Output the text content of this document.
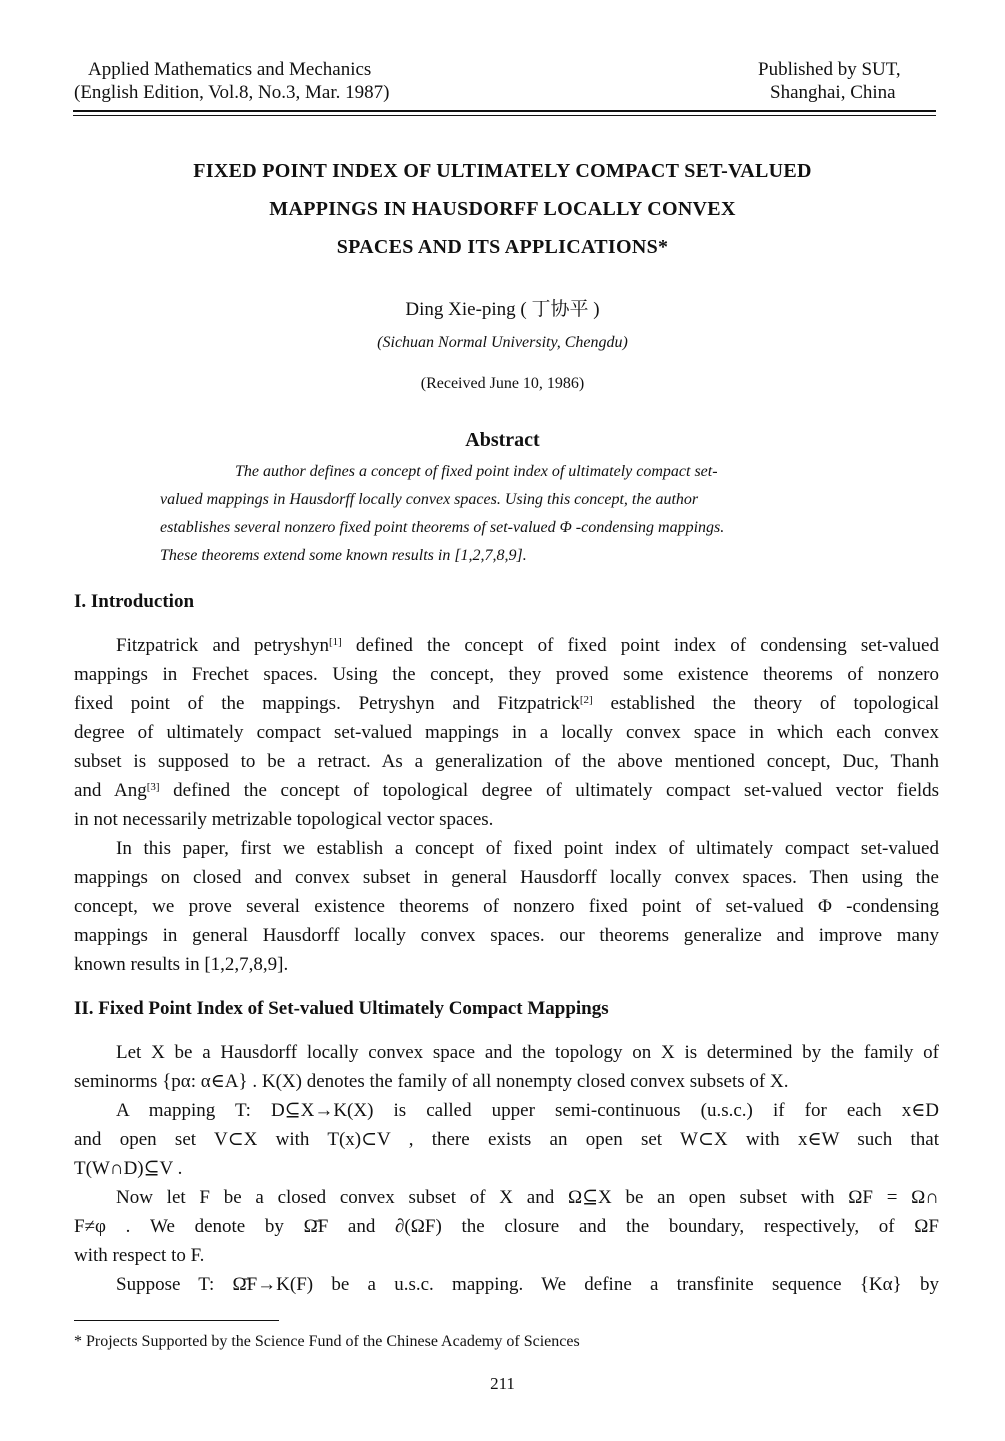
Applied Mathematics and Mechanics
(English Edition, Vol.8, No.3, Mar. 1987)
Published by SUT,
Shanghai, China
FIXED POINT INDEX OF ULTIMATELY COMPACT SET-VALUED
MAPPINGS IN HAUSDORFF LOCALLY CONVEX
SPACES AND ITS APPLICATIONS*
Ding Xie-ping ( 丁协平 )
(Sichuan Normal University, Chengdu)
(Received June 10, 1986)
Abstract
The author defines a concept of fixed point index of ultimately compact set-
valued mappings in Hausdorff locally convex spaces. Using this concept, the author
establishes several nonzero fixed point theorems of set-valued Φ -condensing mappings.
These theorems extend some known results in [1,2,7,8,9].
I. Introduction
Fitzpatrick and petryshyn[1] defined the concept of fixed point index of condensing set-valued
mappings in Frechet spaces. Using the concept, they proved some existence theorems of nonzero
fixed point of the mappings. Petryshyn and Fitzpatrick[2] established the theory of topological
degree of ultimately compact set-valued mappings in a locally convex space in which each convex
subset is supposed to be a retract. As a generalization of the above mentioned concept, Duc, Thanh
and Ang[3] defined the concept of topological degree of ultimately compact set-valued vector fields
in not necessarily metrizable topological vector spaces.
In this paper, first we establish a concept of fixed point index of ultimately compact set-valued
mappings on closed and convex subset in general Hausdorff locally convex spaces. Then using the
concept, we prove several existence theorems of nonzero fixed point of set-valued Φ -condensing
mappings in general Hausdorff locally convex spaces. our theorems generalize and improve many
known results in [1,2,7,8,9].
II. Fixed Point Index of Set-valued Ultimately Compact Mappings
Let X be a Hausdorff locally convex space and the topology on X is determined by the family of
seminorms {pα: α∈A} . K(X) denotes the family of all nonempty closed convex subsets of X.
A mapping T: D⊆X→K(X) is called upper semi-continuous (u.s.c.) if for each x∈D
and open set V⊂X with T(x)⊂V , there exists an open set W⊂X with x∈W such that
T(W∩D)⊆V .
Now let F be a closed convex subset of X and Ω⊆X be an open subset with ΩF = Ω∩
F≠φ . We denote by Ω̄F and ∂(ΩF) the closure and the boundary, respectively, of ΩF
with respect to F.
Suppose T: Ω̄F→K(F) be a u.s.c. mapping. We define a transfinite sequence {Kα} by
* Projects Supported by the Science Fund of the Chinese Academy of Sciences
211
